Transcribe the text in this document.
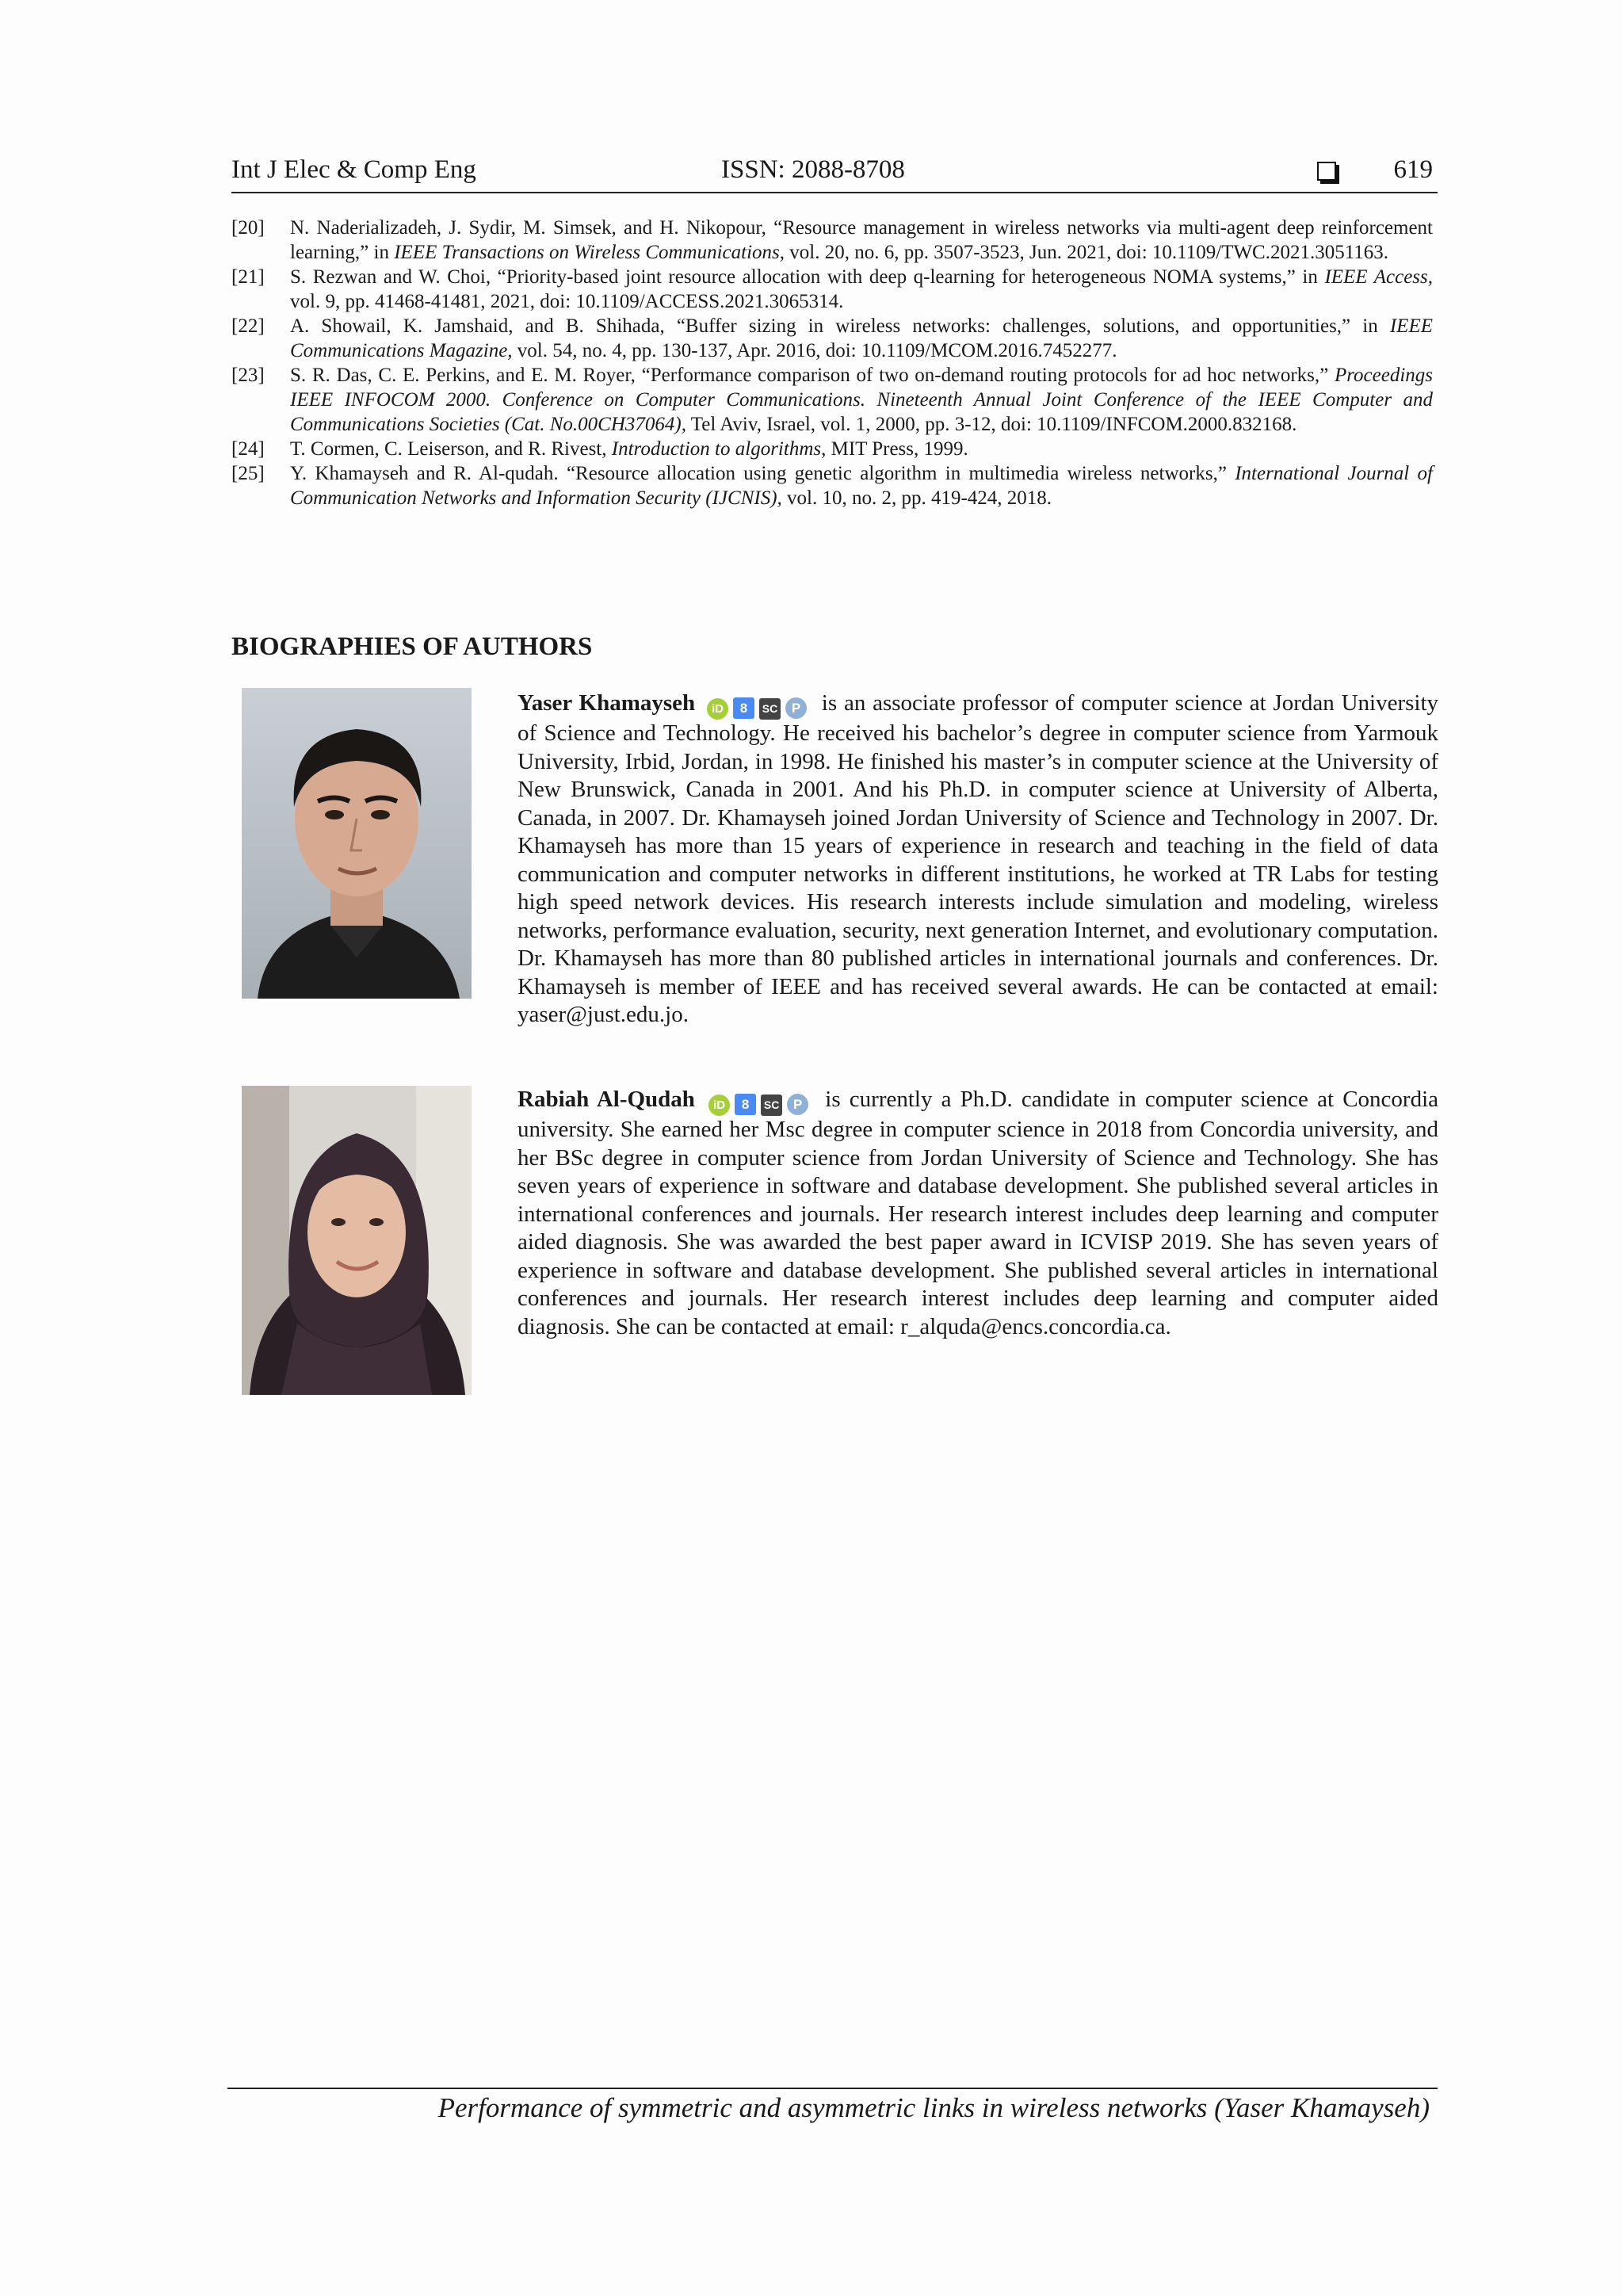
Int J Elec & Comp Eng	ISSN: 2088-8708	619
[20]	N. Naderializadeh, J. Sydir, M. Simsek, and H. Nikopour, “Resource management in wireless networks via multi-agent deep reinforcement learning,” in IEEE Transactions on Wireless Communications, vol. 20, no. 6, pp. 3507-3523, Jun. 2021, doi: 10.1109/TWC.2021.3051163.
[21]	S. Rezwan and W. Choi, “Priority-based joint resource allocation with deep q-learning for heterogeneous NOMA systems,” in IEEE Access, vol. 9, pp. 41468-41481, 2021, doi: 10.1109/ACCESS.2021.3065314.
[22]	A. Showail, K. Jamshaid, and B. Shihada, “Buffer sizing in wireless networks: challenges, solutions, and opportunities,” in IEEE Communications Magazine, vol. 54, no. 4, pp. 130-137, Apr. 2016, doi: 10.1109/MCOM.2016.7452277.
[23]	S. R. Das, C. E. Perkins, and E. M. Royer, “Performance comparison of two on-demand routing protocols for ad hoc networks,” Proceedings IEEE INFOCOM 2000. Conference on Computer Communications. Nineteenth Annual Joint Conference of the IEEE Computer and Communications Societies (Cat. No.00CH37064), Tel Aviv, Israel, vol. 1, 2000, pp. 3-12, doi: 10.1109/INFCOM.2000.832168.
[24]	T. Cormen, C. Leiserson, and R. Rivest, Introduction to algorithms, MIT Press, 1999.
[25]	Y. Khamayseh and R. Al-qudah. “Resource allocation using genetic algorithm in multimedia wireless networks,” International Journal of Communication Networks and Information Security (IJCNIS), vol. 10, no. 2, pp. 419-424, 2018.
BIOGRAPHIES OF AUTHORS
Yaser Khamayseh iD 8 SC P is an associate professor of computer science at Jordan University of Science and Technology. He received his bachelor’s degree in computer science from Yarmouk University, Irbid, Jordan, in 1998. He finished his master’s in computer science at the University of New Brunswick, Canada in 2001. And his Ph.D. in computer science at University of Alberta, Canada, in 2007. Dr. Khamayseh joined Jordan University of Science and Technology in 2007. Dr. Khamayseh has more than 15 years of experience in research and teaching in the field of data communication and computer networks in different institutions, he worked at TR Labs for testing high speed network devices. His research interests include simulation and modeling, wireless networks, performance evaluation, security, next generation Internet, and evolutionary computation. Dr. Khamayseh has more than 80 published articles in international journals and conferences. Dr. Khamayseh is member of IEEE and has received several awards. He can be contacted at email: yaser@just.edu.jo.
Rabiah Al-Qudah iD 8 SC P is currently a Ph.D. candidate in computer science at Concordia university. She earned her Msc degree in computer science in 2018 from Concordia university, and her BSc degree in computer science from Jordan University of Science and Technology. She has seven years of experience in software and database development. She published several articles in international conferences and journals. Her research interest includes deep learning and computer aided diagnosis. She was awarded the best paper award in ICVISP 2019. She has seven years of experience in software and database development. She published several articles in international conferences and journals. Her research interest includes deep learning and computer aided diagnosis. She can be contacted at email: r_alquda@encs.concordia.ca.
Performance of symmetric and asymmetric links in wireless networks (Yaser Khamayseh)
